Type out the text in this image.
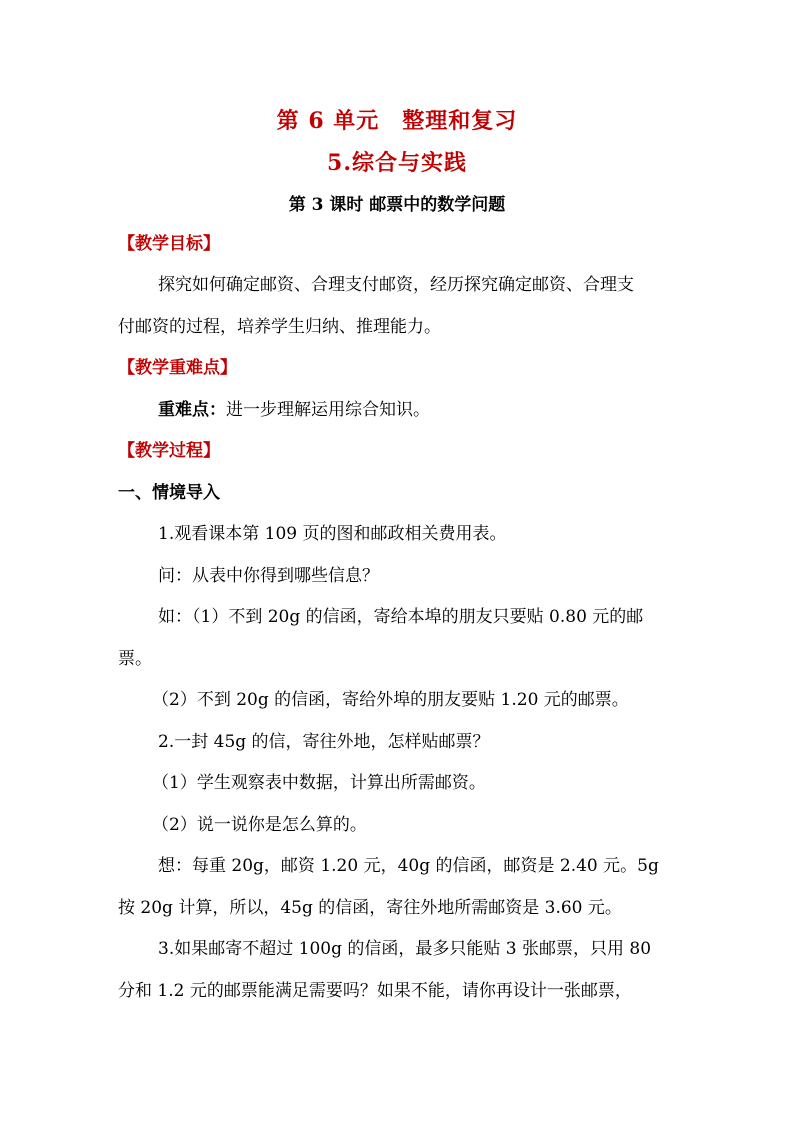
第 6 单元　整理和复习
5.综合与实践
第 3 课时 邮票中的数学问题
【教学目标】
探究如何确定邮资、合理支付邮资，经历探究确定邮资、合理支
付邮资的过程，培养学生归纳、推理能力。
【教学重难点】
重难点：进一步理解运用综合知识。
【教学过程】
一、情境导入
1.观看课本第 109 页的图和邮政相关费用表。
问：从表中你得到哪些信息？
如：（1）不到 20g 的信函，寄给本埠的朋友只要贴 0.80 元的邮
票。
（2）不到 20g 的信函，寄给外埠的朋友要贴 1.20 元的邮票。
2.一封 45g 的信，寄往外地，怎样贴邮票？
（1）学生观察表中数据，计算出所需邮资。
（2）说一说你是怎么算的。
想：每重 20g，邮资 1.20 元，40g 的信函，邮资是 2.40 元。5g
按 20g 计算，所以，45g 的信函，寄往外地所需邮资是 3.60 元。
3.如果邮寄不超过 100g 的信函，最多只能贴 3 张邮票，只用 80
分和 1.2 元的邮票能满足需要吗？如果不能，请你再设计一张邮票，
